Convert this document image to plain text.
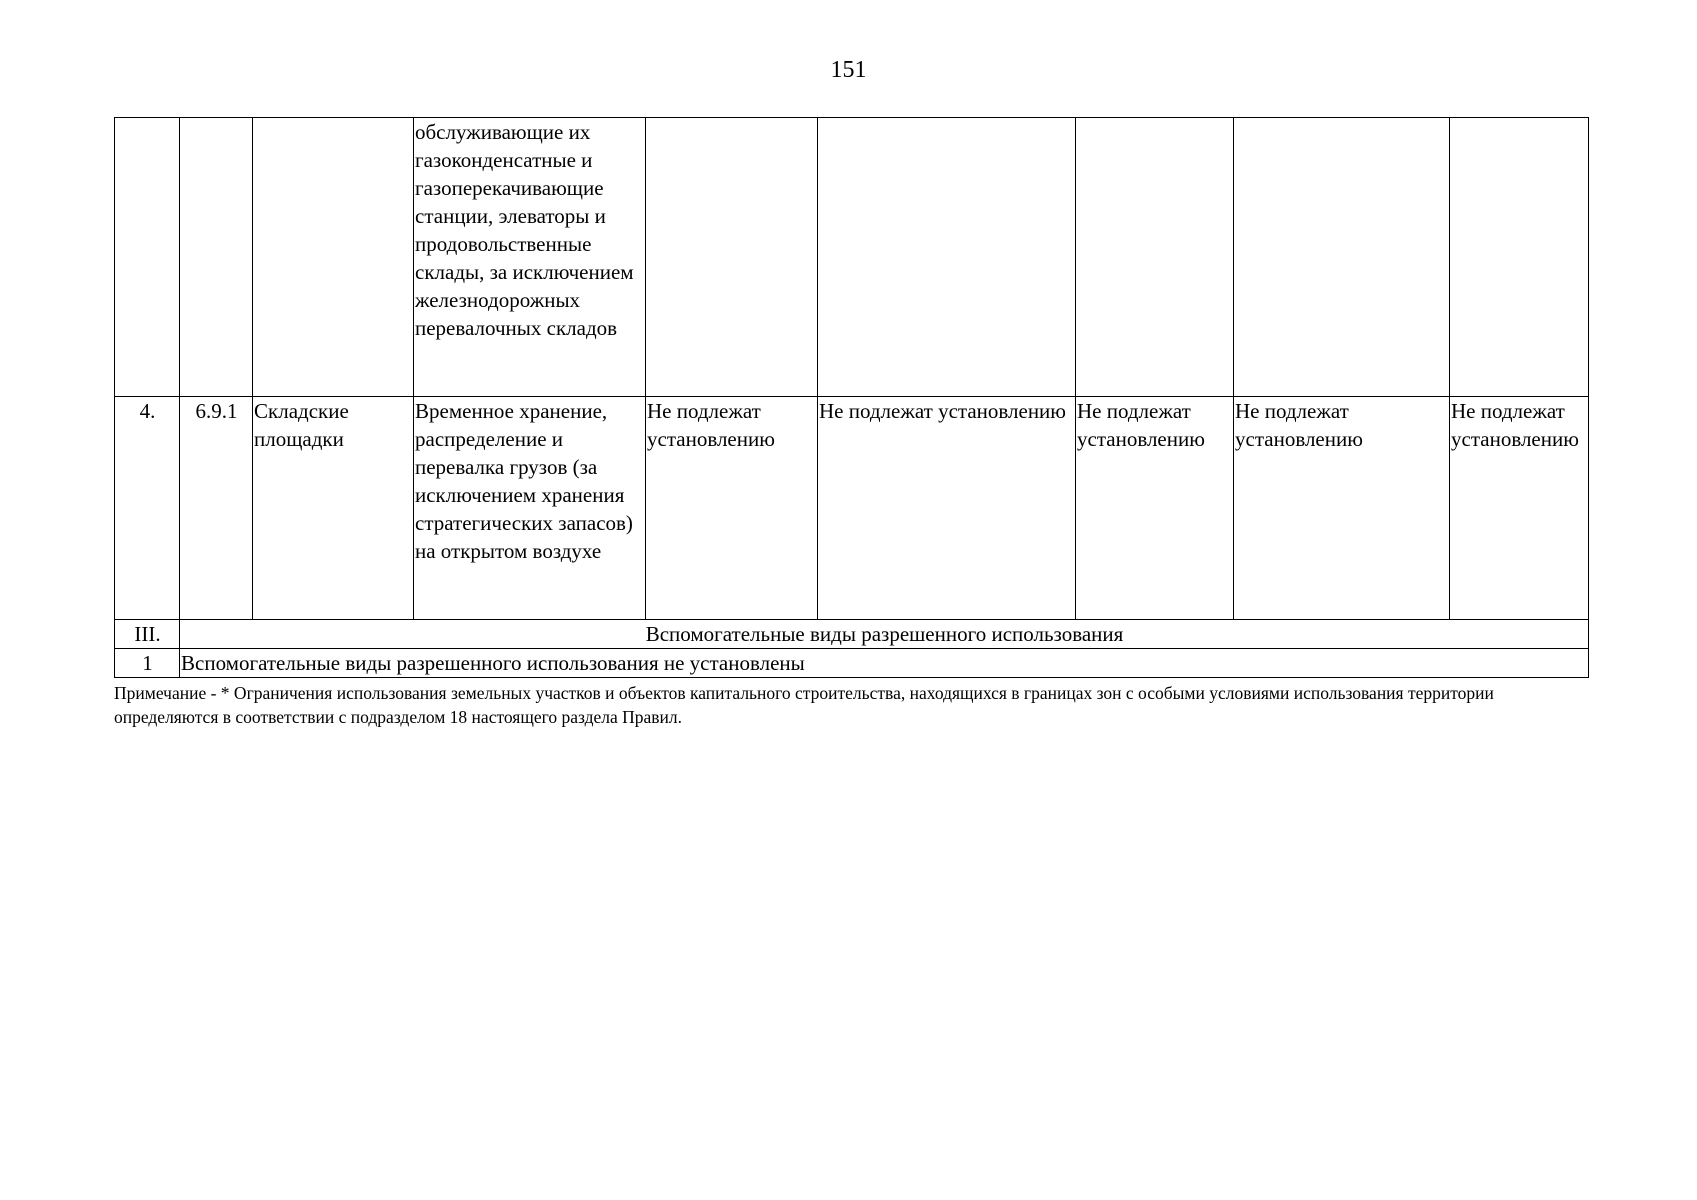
151
			обслуживающие их газоконденсатные и газоперекачивающие станции, элеваторы и продовольственные склады, за исключением железнодорожных перевалочных складов					
4.	6.9.1	Складские площадки	Временное хранение, распределение и перевалка грузов (за исключением хранения стратегических запасов) на открытом воздухе	Не подлежат установлению	Не подлежат установлению	Не подлежат установлению	Не подлежат установлению	Не подлежат установлению
III.	Вспомогательные виды разрешенного использования							
1	Вспомогательные виды разрешенного использования не установлены							
Примечание - * Ограничения использования земельных участков и объектов капитального строительства, находящихся в границах зон с особыми условиями использования территории определяются в соответствии с подразделом 18 настоящего раздела Правил.
